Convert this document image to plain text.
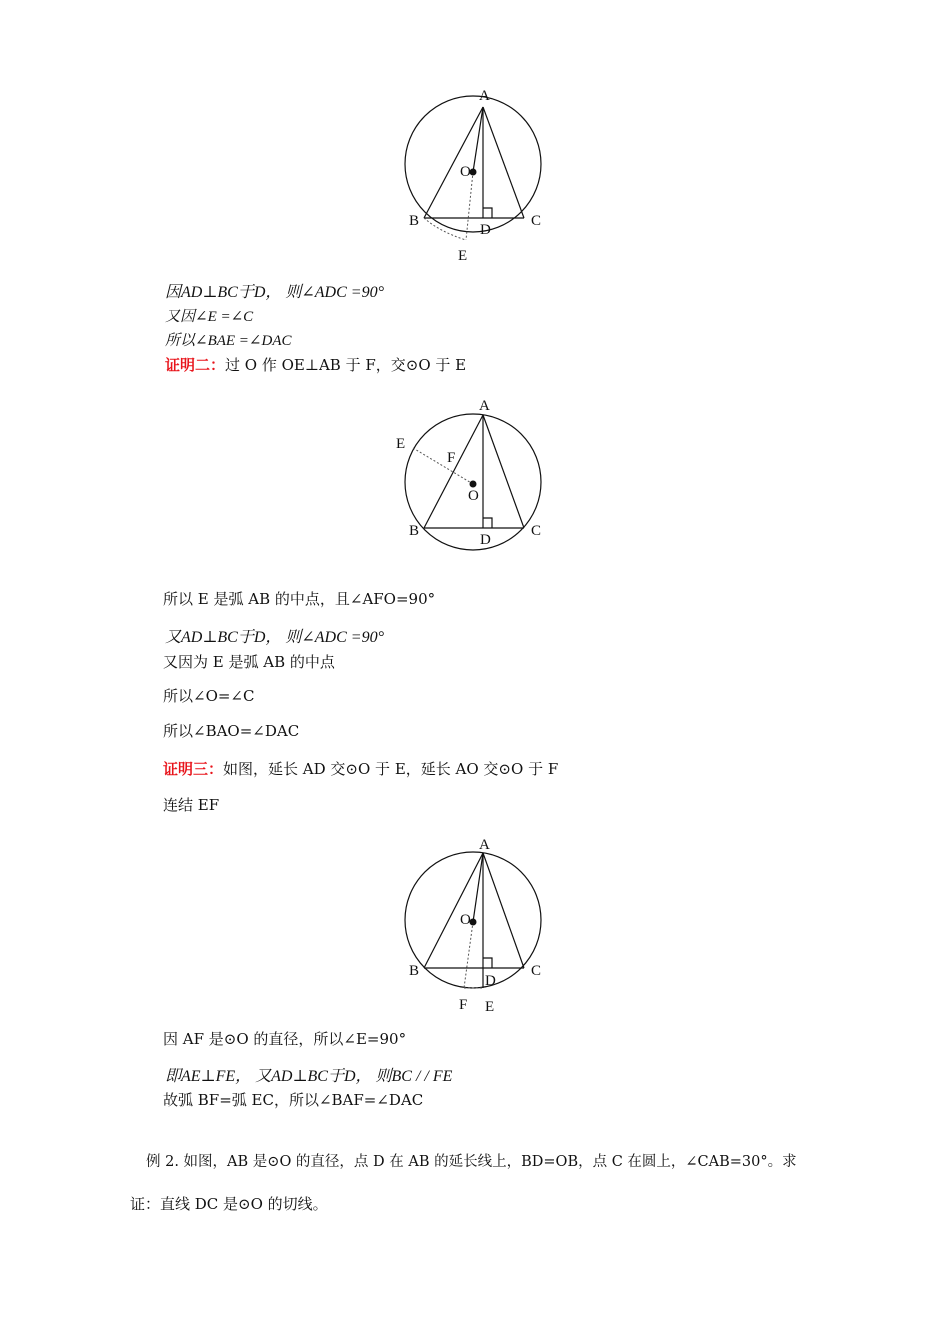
A
O
B	C
D
E
因AD⊥BC于D， 则∠ADC =90°
又因∠E =∠C
所以∠BAE =∠DAC
证明二：过 O 作 OE⊥AB 于 F，交⊙O 于 E
A
E
F
O
B	C
D
所以 E 是弧 AB 的中点，且∠AFO=90°
又AD⊥BC于D， 则∠ADC =90°
又因为 E 是弧 AB 的中点
所以∠O=∠C
所以∠BAO=∠DAC
证明三：如图，延长 AD 交⊙O 于 E，延长 AO 交⊙O 于 F
连结 EF
A
O
B	C
D
F E
因 AF 是⊙O 的直径，所以∠E=90°
即AE⊥FE， 又AD⊥BC于D， 则BC / / FE
故弧 BF=弧 EC，所以∠BAF=∠DAC
例 2. 如图，AB 是⊙O 的直径，点 D 在 AB 的延长线上，BD=OB，点 C 在圆上，∠CAB=30°。求
证：直线 DC 是⊙O 的切线。
